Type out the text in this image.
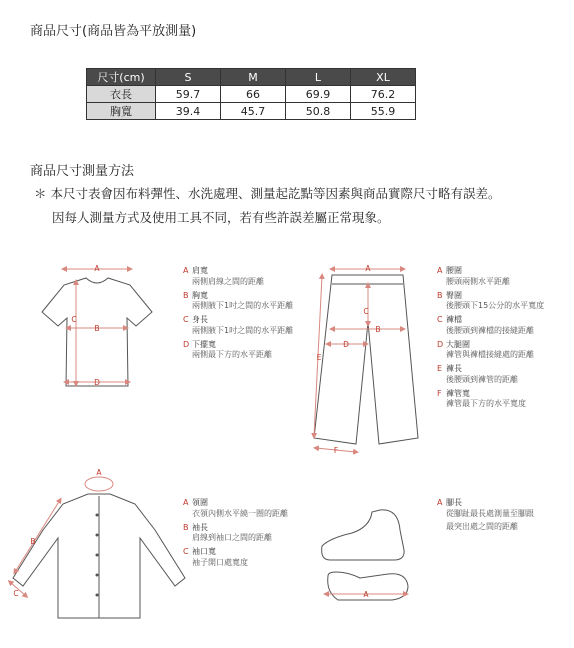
商品尺寸(商品皆為平放測量)
尺寸(cm)	S	M	L	XL
衣長	59.7	66	69.9	76.2
胸寬	39.4	45.7	50.8	55.9
商品尺寸測量方法
＊ 本尺寸表會因布料彈性、水洗處理、測量起訖點等因素與商品實際尺寸略有誤差。
因每人測量方式及使用工具不同，若有些許誤差屬正常現象。
A
B
C
D
A
B
C
D
E
F
A
B
C	A
A 肩寬
兩側肩線之間的距離
B 胸寬
兩側腋下1吋之間的水平距離
C 身長
兩側腋下1吋之間的水平距離
D 下擺寬
兩側最下方的水平距離
A 腰圍
腰頭兩側水平距離
B 臀圍
後腰頭下15公分的水平寬度
C 褲檔
後腰頭到褲檔的接縫距離
D 大腿圍
褲管與褲檔接縫處的距離
E 褲長
後腰頭到褲管的距離
F 褲管寬
褲管最下方的水平寬度
A 領圍
衣領內側水平繞一圈的距離
B 袖長
肩線到袖口之間的距離
C 袖口寬
袖子開口處寬度
A 腳長
從腳趾最長處測量至腳跟
最突出處之間的距離
